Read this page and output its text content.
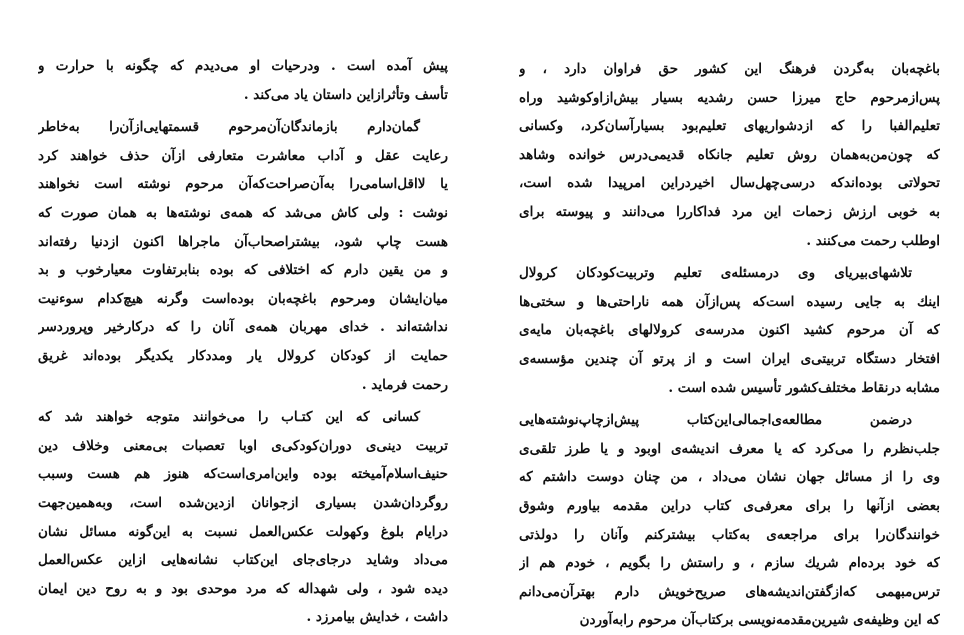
باغچه‌بان به‌گردن فرهنگ این کشور حق فراوان دارد ، و
پس‌ازمرحوم حاج میرزا حسن رشدیه بسیار بیش‌ازاوکوشید وراه
تعلیم‌الفبا را که ازدشواریهای تعلیم‌بود بسیارآسان‌کرد، وکسانی
که چون‌من‌به‌همان روش تعلیم جانکاه قدیمی‌درس خوانده وشاهد
تحولاتی بوده‌اندکه درسی‌چهل‌سال اخیردراین امرپیدا شده است،
به خوبی ارزش زحمات این مرد فداکاررا می‌دانند و پیوسته برای
اوطلب رحمت می‌کنند .
تلاشهای‌بیریای وی درمسئله‌ی تعلیم وتربیت‌کودکان کرولال
اینك به جایی رسیده است‌که پس‌ازآن همه ناراحتی‌ها و سختی‌ها
که آن مرحوم کشید اکنون مدرسه‌ی کرولالهای باغچه‌بان مایه‌ی
افتخار دستگاه تربیتی‌ی ایران است و از پرتو آن چندین مؤسسه‌ی
مشابه درنقاط مختلف‌کشور تأسیس شده است .
درضمن مطالعه‌ی‌اجمالی‌این‌کتاب پیش‌ازچاپ‌نوشته‌هایی
جلب‌نظرم را می‌کرد که یا معرف اندیشه‌ی اوبود و یا طرز تلقی‌ی
وی را از مسائل جهان نشان می‌داد ، من چنان دوست داشتم که
بعضی ازآنها را برای معرفی‌ی کتاب دراین مقدمه بیاورم وشوق
خوانندگان‌را برای مراجعه‌ی به‌کتاب بیشترکنم وآنان را دولذتی
که خود برده‌ام شریك سازم ، و راستش را بگویم ، خودم هم از
ترس‌مبهمی که‌ازگفتن‌اندیشه‌های صریح‌خویش دارم بهترآن‌می‌دانم
که این وظیفه‌ی شیرین‌مقدمه‌نویسی برکتاب‌آن مرحوم رابه‌آوردن
پیش آمده است . ودرحیات او می‌دیدم که چگونه با حرارت و
تأسف وتأثرازاین داستان یاد می‌کند .
گمان‌دارم بازماندگان‌آن‌مرحوم قسمتهایی‌ازآن‌را به‌خاطر
رعایت عقل و آداب معاشرت متعارفی ازآن حذف خواهند کرد
یا لااقل‌اسامی‌را به‌آن‌صراحت‌که‌آن مرحوم نوشته است نخواهند
نوشت : ولی کاش می‌شد که همه‌ی نوشته‌ها به همان صورت که
هست چاپ شود، بیشتراصحاب‌آن ماجراها اکنون ازدنیا رفته‌اند
و من یقین دارم که اختلافی که بوده بنابرتفاوت معیارخوب و بد
میان‌ایشان ومرحوم باغچه‌بان بوده‌است وگرنه هیچ‌کدام سوءنیت
نداشته‌اند . خدای مهربان همه‌ی آنان را که درکارخیر وپروردسر
حمایت از کودکان کرولال یار ومددکار یکدیگر بوده‌اند غریق
رحمت فرماید .
کسانی که این کتـاب را می‌خوانند متوجه خواهند شد که
تربیت دینی‌ی دوران‌کودکی‌ی اوبا تعصبات بی‌معنی وخلاف دین
حنیف‌اسلام‌آمیخته بوده واین‌امری‌است‌که هنوز هم هست وسبب
روگردان‌شدن بسیاری ازجوانان ازدین‌شده است، وبه‌همین‌جهت
درایام بلوغ وکهولت عکس‌العمل نسبت به این‌گونه مسائل نشان
می‌داد وشاید درجای‌جای این‌کتاب نشانه‌هایی ازاین عکس‌العمل
دیده شود ، ولی شهداله که مرد موحدی بود و به روح دین ایمان
داشت ، خدایش بیامرزد .
